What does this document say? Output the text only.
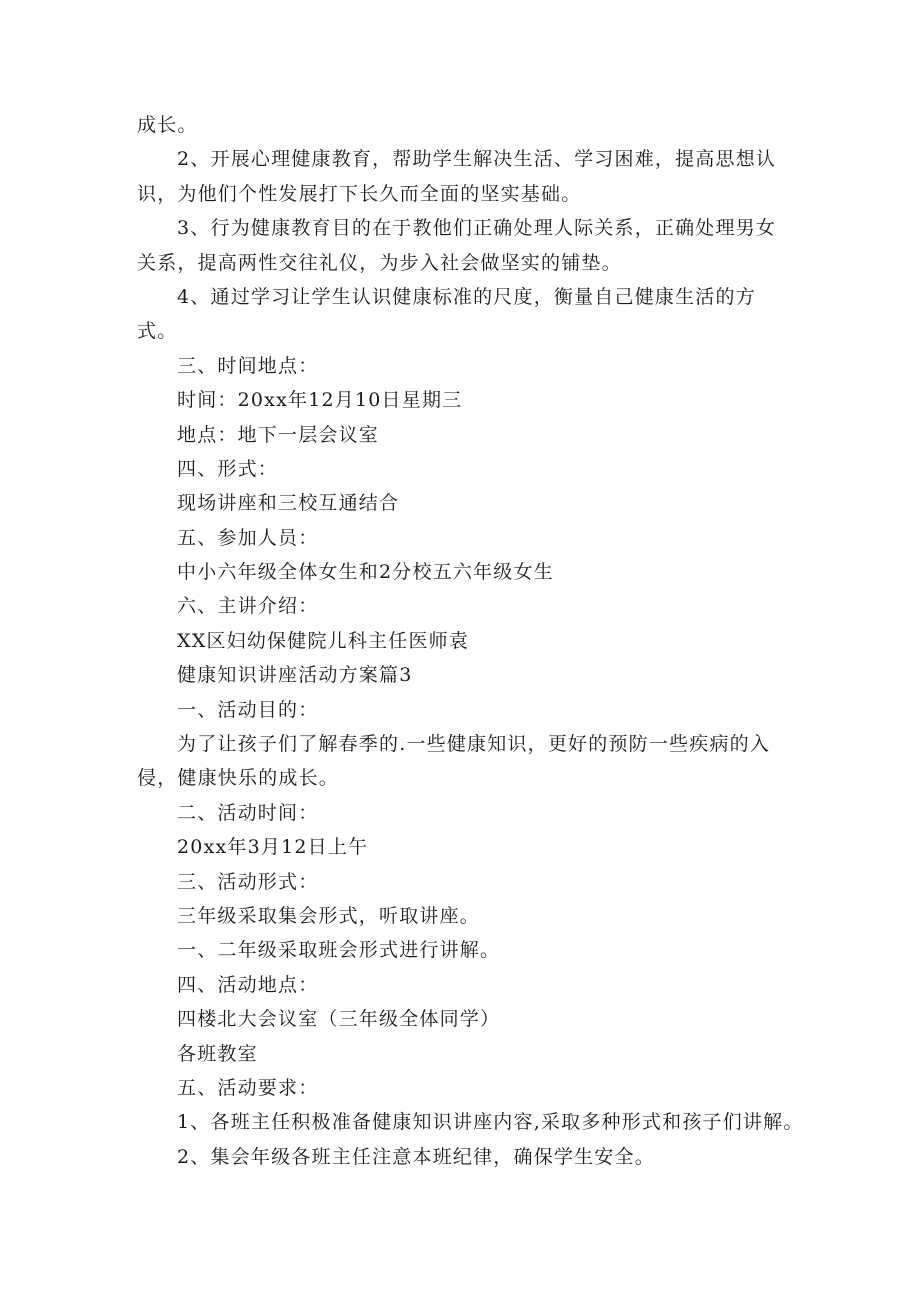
成长。
2、开展心理健康教育，帮助学生解决生活、学习困难，提高思想认
识，为他们个性发展打下长久而全面的坚实基础。
3、行为健康教育目的在于教他们正确处理人际关系，正确处理男女
关系，提高两性交往礼仪，为步入社会做坚实的铺垫。
4、通过学习让学生认识健康标准的尺度，衡量自己健康生活的方
式。
三、时间地点：
时间：20xx年12月10日星期三
地点：地下一层会议室
四、形式：
现场讲座和三校互通结合
五、参加人员：
中小六年级全体女生和2分校五六年级女生
六、主讲介绍：
XX区妇幼保健院儿科主任医师袁
健康知识讲座活动方案篇3
一、活动目的：
为了让孩子们了解春季的.一些健康知识，更好的预防一些疾病的入
侵，健康快乐的成长。
二、活动时间：
20xx年3月12日上午
三、活动形式：
三年级采取集会形式，听取讲座。
一、二年级采取班会形式进行讲解。
四、活动地点：
四楼北大会议室（三年级全体同学）
各班教室
五、活动要求：
1、各班主任积极准备健康知识讲座内容,采取多种形式和孩子们讲解。
2、集会年级各班主任注意本班纪律，确保学生安全。
